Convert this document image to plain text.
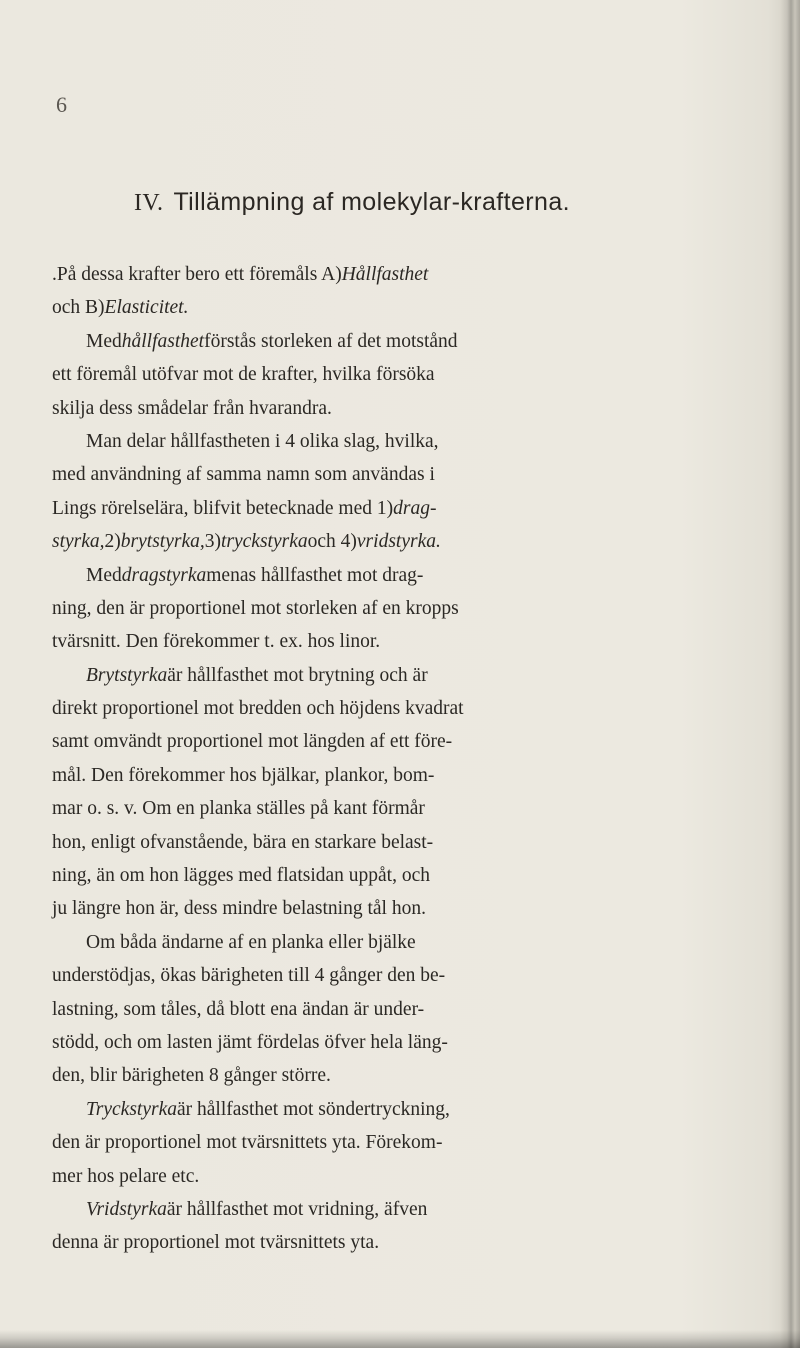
6
IV. Tillämpning af molekylar-krafterna.
.På dessa krafter bero ett föremåls A)Hållfasthet
och B)Elasticitet.
Medhållfasthetförstås storleken af det motstånd
ett föremål utöfvar mot de krafter, hvilka försöka
skilja dess smådelar från hvarandra.
Man delar hållfastheten i 4 olika slag, hvilka,
med användning af samma namn som användas i
Lings rörelselära, blifvit betecknade med 1)drag-
styrka,2)brytstyrka,3)tryckstyrkaoch 4)vridstyrka.
Meddragstyrkamenas hållfasthet mot drag-
ning, den är proportionel mot storleken af en kropps
tvärsnitt. Den förekommer t. ex. hos linor.
Brytstyrkaär hållfasthet mot brytning och är
direkt proportionel mot bredden och höjdens kvadrat
samt omvändt proportionel mot längden af ett före-
mål. Den förekommer hos bjälkar, plankor, bom-
mar o. s. v. Om en planka ställes på kant förmår
hon, enligt ofvanstående, bära en starkare belast-
ning, än om hon lägges med flatsidan uppåt, och
ju längre hon är, dess mindre belastning tål hon.
Om båda ändarne af en planka eller bjälke
understödjas, ökas bärigheten till 4 gånger den be-
lastning, som tåles, då blott ena ändan är under-
stödd, och om lasten jämt fördelas öfver hela läng-
den, blir bärigheten 8 gånger större.
Tryckstyrkaär hållfasthet mot söndertryckning,
den är proportionel mot tvärsnittets yta. Förekom-
mer hos pelare etc.
Vridstyrkaär hållfasthet mot vridning, äfven
denna är proportionel mot tvärsnittets yta.
